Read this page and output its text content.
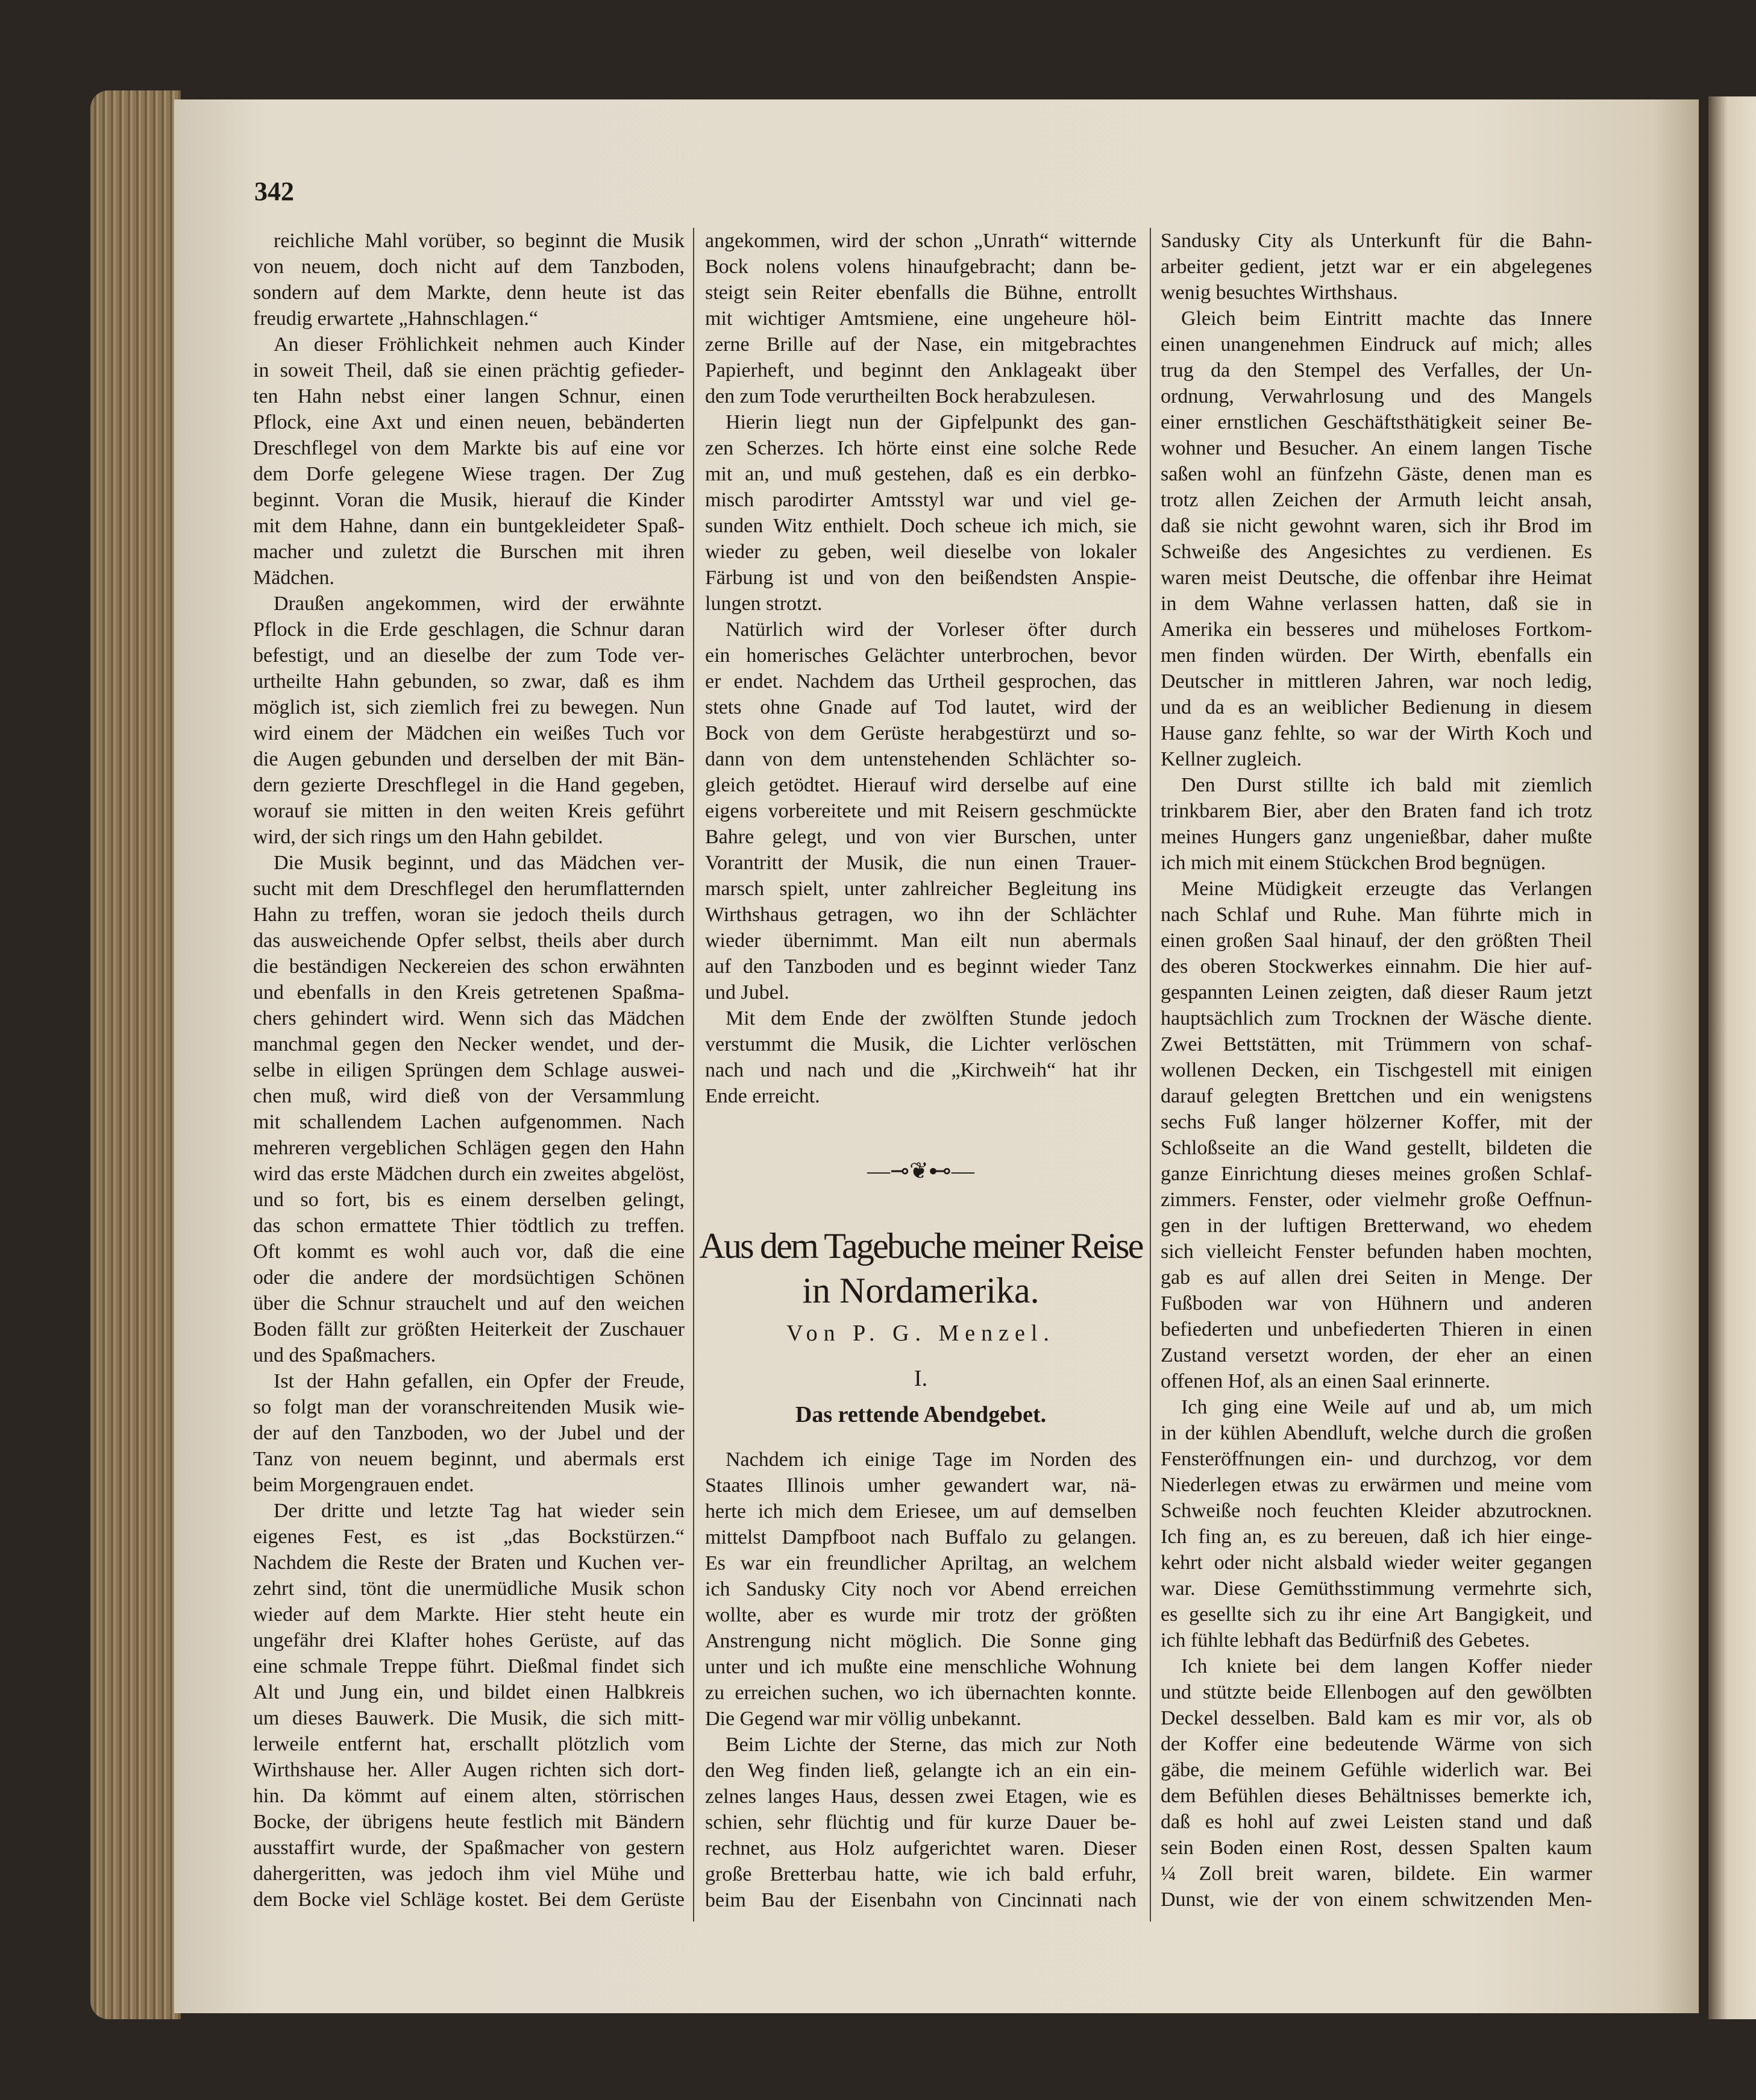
342
reichliche Mahl vorüber, so beginnt die Musik
von neuem, doch nicht auf dem Tanzboden,
sondern auf dem Markte, denn heute ist das
freudig erwartete „Hahnschlagen.“
An dieser Fröhlichkeit nehmen auch Kinder
in soweit Theil, daß sie einen prächtig gefieder-
ten Hahn nebst einer langen Schnur, einen
Pflock, eine Axt und einen neuen, bebänderten
Dreschflegel von dem Markte bis auf eine vor
dem Dorfe gelegene Wiese tragen. Der Zug
beginnt. Voran die Musik, hierauf die Kinder
mit dem Hahne, dann ein buntgekleideter Spaß-
macher und zuletzt die Burschen mit ihren
Mädchen.
Draußen angekommen, wird der erwähnte
Pflock in die Erde geschlagen, die Schnur daran
befestigt, und an dieselbe der zum Tode ver-
urtheilte Hahn gebunden, so zwar, daß es ihm
möglich ist, sich ziemlich frei zu bewegen. Nun
wird einem der Mädchen ein weißes Tuch vor
die Augen gebunden und derselben der mit Bän-
dern gezierte Dreschflegel in die Hand gegeben,
worauf sie mitten in den weiten Kreis geführt
wird, der sich rings um den Hahn gebildet.
Die Musik beginnt, und das Mädchen ver-
sucht mit dem Dreschflegel den herumflatternden
Hahn zu treffen, woran sie jedoch theils durch
das ausweichende Opfer selbst, theils aber durch
die beständigen Neckereien des schon erwähnten
und ebenfalls in den Kreis getretenen Spaßma-
chers gehindert wird. Wenn sich das Mädchen
manchmal gegen den Necker wendet, und der-
selbe in eiligen Sprüngen dem Schlage auswei-
chen muß, wird dieß von der Versammlung
mit schallendem Lachen aufgenommen. Nach
mehreren vergeblichen Schlägen gegen den Hahn
wird das erste Mädchen durch ein zweites abgelöst,
und so fort, bis es einem derselben gelingt,
das schon ermattete Thier tödtlich zu treffen.
Oft kommt es wohl auch vor, daß die eine
oder die andere der mordsüchtigen Schönen
über die Schnur strauchelt und auf den weichen
Boden fällt zur größten Heiterkeit der Zuschauer
und des Spaßmachers.
Ist der Hahn gefallen, ein Opfer der Freude,
so folgt man der voranschreitenden Musik wie-
der auf den Tanzboden, wo der Jubel und der
Tanz von neuem beginnt, und abermals erst
beim Morgengrauen endet.
Der dritte und letzte Tag hat wieder sein
eigenes Fest, es ist „das Bockstürzen.“
Nachdem die Reste der Braten und Kuchen ver-
zehrt sind, tönt die unermüdliche Musik schon
wieder auf dem Markte. Hier steht heute ein
ungefähr drei Klafter hohes Gerüste, auf das
eine schmale Treppe führt. Dießmal findet sich
Alt und Jung ein, und bildet einen Halbkreis
um dieses Bauwerk. Die Musik, die sich mitt-
lerweile entfernt hat, erschallt plötzlich vom
Wirthshause her. Aller Augen richten sich dort-
hin. Da kömmt auf einem alten, störrischen
Bocke, der übrigens heute festlich mit Bändern
ausstaffirt wurde, der Spaßmacher von gestern
dahergeritten, was jedoch ihm viel Mühe und
dem Bocke viel Schläge kostet. Bei dem Gerüste
angekommen, wird der schon „Unrath“ witternde
Bock nolens volens hinaufgebracht; dann be-
steigt sein Reiter ebenfalls die Bühne, entrollt
mit wichtiger Amtsmiene, eine ungeheure höl-
zerne Brille auf der Nase, ein mitgebrachtes
Papierheft, und beginnt den Anklageakt über
den zum Tode verurtheilten Bock herabzulesen.
Hierin liegt nun der Gipfelpunkt des gan-
zen Scherzes. Ich hörte einst eine solche Rede
mit an, und muß gestehen, daß es ein derbko-
misch parodirter Amtsstyl war und viel ge-
sunden Witz enthielt. Doch scheue ich mich, sie
wieder zu geben, weil dieselbe von lokaler
Färbung ist und von den beißendsten Anspie-
lungen strotzt.
Natürlich wird der Vorleser öfter durch
ein homerisches Gelächter unterbrochen, bevor
er endet. Nachdem das Urtheil gesprochen, das
stets ohne Gnade auf Tod lautet, wird der
Bock von dem Gerüste herabgestürzt und so-
dann von dem untenstehenden Schlächter so-
gleich getödtet. Hierauf wird derselbe auf eine
eigens vorbereitete und mit Reisern geschmückte
Bahre gelegt, und von vier Burschen, unter
Vorantritt der Musik, die nun einen Trauer-
marsch spielt, unter zahlreicher Begleitung ins
Wirthshaus getragen, wo ihn der Schlächter
wieder übernimmt. Man eilt nun abermals
auf den Tanzboden und es beginnt wieder Tanz
und Jubel.
Mit dem Ende der zwölften Stunde jedoch
verstummt die Musik, die Lichter verlöschen
nach und nach und die „Kirchweih“ hat ihr
Ende erreicht.
—⊸❦⊷—
Aus dem Tagebuche meiner Reise
in Nordamerika.
Von P. G. Menzel.
I.
Das rettende Abendgebet.
Nachdem ich einige Tage im Norden des
Staates Illinois umher gewandert war, nä-
herte ich mich dem Eriesee, um auf demselben
mittelst Dampfboot nach Buffalo zu gelangen.
Es war ein freundlicher Apriltag, an welchem
ich Sandusky City noch vor Abend erreichen
wollte, aber es wurde mir trotz der größten
Anstrengung nicht möglich. Die Sonne ging
unter und ich mußte eine menschliche Wohnung
zu erreichen suchen, wo ich übernachten konnte.
Die Gegend war mir völlig unbekannt.
Beim Lichte der Sterne, das mich zur Noth
den Weg finden ließ, gelangte ich an ein ein-
zelnes langes Haus, dessen zwei Etagen, wie es
schien, sehr flüchtig und für kurze Dauer be-
rechnet, aus Holz aufgerichtet waren. Dieser
große Bretterbau hatte, wie ich bald erfuhr,
beim Bau der Eisenbahn von Cincinnati nach
Sandusky City als Unterkunft für die Bahn-
arbeiter gedient, jetzt war er ein abgelegenes
wenig besuchtes Wirthshaus.
Gleich beim Eintritt machte das Innere
einen unangenehmen Eindruck auf mich; alles
trug da den Stempel des Verfalles, der Un-
ordnung, Verwahrlosung und des Mangels
einer ernstlichen Geschäftsthätigkeit seiner Be-
wohner und Besucher. An einem langen Tische
saßen wohl an fünfzehn Gäste, denen man es
trotz allen Zeichen der Armuth leicht ansah,
daß sie nicht gewohnt waren, sich ihr Brod im
Schweiße des Angesichtes zu verdienen. Es
waren meist Deutsche, die offenbar ihre Heimat
in dem Wahne verlassen hatten, daß sie in
Amerika ein besseres und müheloses Fortkom-
men finden würden. Der Wirth, ebenfalls ein
Deutscher in mittleren Jahren, war noch ledig,
und da es an weiblicher Bedienung in diesem
Hause ganz fehlte, so war der Wirth Koch und
Kellner zugleich.
Den Durst stillte ich bald mit ziemlich
trinkbarem Bier, aber den Braten fand ich trotz
meines Hungers ganz ungenießbar, daher mußte
ich mich mit einem Stückchen Brod begnügen.
Meine Müdigkeit erzeugte das Verlangen
nach Schlaf und Ruhe. Man führte mich in
einen großen Saal hinauf, der den größten Theil
des oberen Stockwerkes einnahm. Die hier auf-
gespannten Leinen zeigten, daß dieser Raum jetzt
hauptsächlich zum Trocknen der Wäsche diente.
Zwei Bettstätten, mit Trümmern von schaf-
wollenen Decken, ein Tischgestell mit einigen
darauf gelegten Brettchen und ein wenigstens
sechs Fuß langer hölzerner Koffer, mit der
Schloßseite an die Wand gestellt, bildeten die
ganze Einrichtung dieses meines großen Schlaf-
zimmers. Fenster, oder vielmehr große Oeffnun-
gen in der luftigen Bretterwand, wo ehedem
sich vielleicht Fenster befunden haben mochten,
gab es auf allen drei Seiten in Menge. Der
Fußboden war von Hühnern und anderen
befiederten und unbefiederten Thieren in einen
Zustand versetzt worden, der eher an einen
offenen Hof, als an einen Saal erinnerte.
Ich ging eine Weile auf und ab, um mich
in der kühlen Abendluft, welche durch die großen
Fensteröffnungen ein- und durchzog, vor dem
Niederlegen etwas zu erwärmen und meine vom
Schweiße noch feuchten Kleider abzutrocknen.
Ich fing an, es zu bereuen, daß ich hier einge-
kehrt oder nicht alsbald wieder weiter gegangen
war. Diese Gemüthsstimmung vermehrte sich,
es gesellte sich zu ihr eine Art Bangigkeit, und
ich fühlte lebhaft das Bedürfniß des Gebetes.
Ich kniete bei dem langen Koffer nieder
und stützte beide Ellenbogen auf den gewölbten
Deckel desselben. Bald kam es mir vor, als ob
der Koffer eine bedeutende Wärme von sich
gäbe, die meinem Gefühle widerlich war. Bei
dem Befühlen dieses Behältnisses bemerkte ich,
daß es hohl auf zwei Leisten stand und daß
sein Boden einen Rost, dessen Spalten kaum
¼ Zoll breit waren, bildete. Ein warmer
Dunst, wie der von einem schwitzenden Men-
